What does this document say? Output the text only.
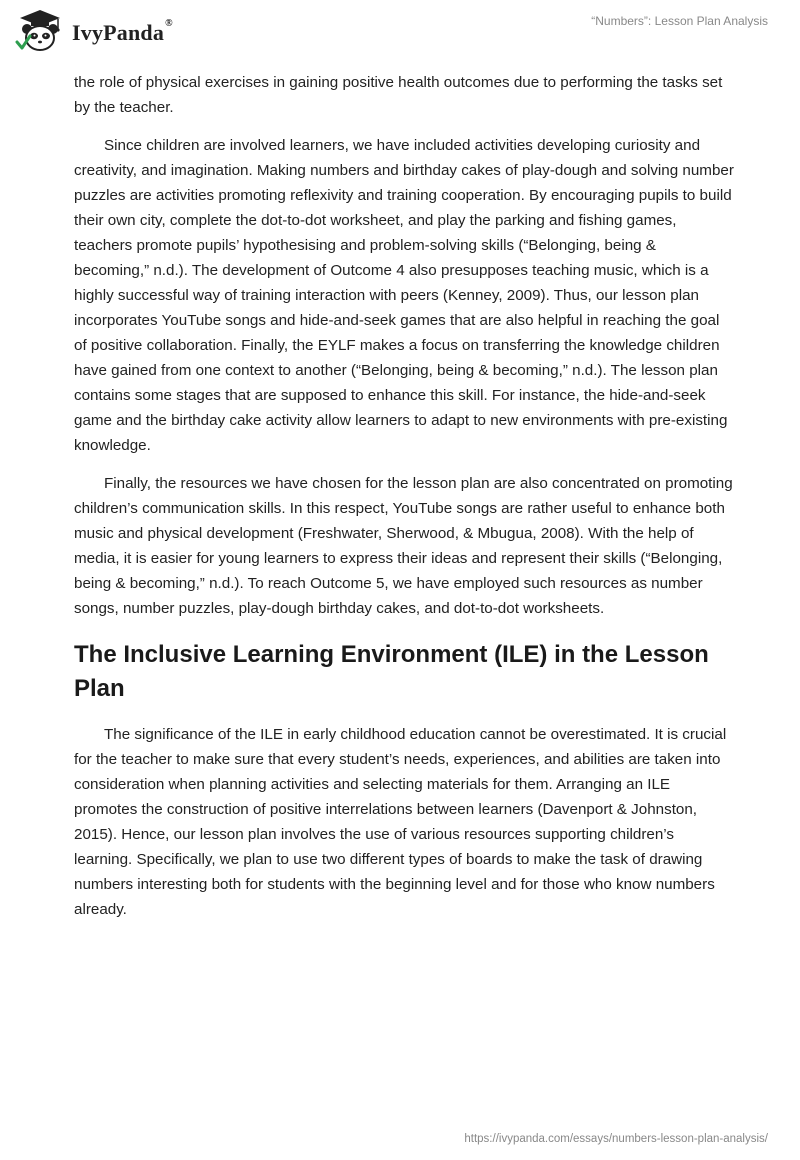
IvyPanda®	“Numbers”: Lesson Plan Analysis

the role of physical exercises in gaining positive health outcomes due to performing the tasks set by the teacher.

Since children are involved learners, we have included activities developing curiosity and creativity, and imagination. Making numbers and birthday cakes of play-dough and solving number puzzles are activities promoting reflexivity and training cooperation. By encouraging pupils to build their own city, complete the dot-to-dot worksheet, and play the parking and fishing games, teachers promote pupils’ hypothesising and problem-solving skills (“Belonging, being & becoming,” n.d.). The development of Outcome 4 also presupposes teaching music, which is a highly successful way of training interaction with peers (Kenney, 2009). Thus, our lesson plan incorporates YouTube songs and hide-and-seek games that are also helpful in reaching the goal of positive collaboration. Finally, the EYLF makes a focus on transferring the knowledge children have gained from one context to another (“Belonging, being & becoming,” n.d.). The lesson plan contains some stages that are supposed to enhance this skill. For instance, the hide-and-seek game and the birthday cake activity allow learners to adapt to new environments with pre-existing knowledge.

Finally, the resources we have chosen for the lesson plan are also concentrated on promoting children’s communication skills. In this respect, YouTube songs are rather useful to enhance both music and physical development (Freshwater, Sherwood, & Mbugua, 2008). With the help of media, it is easier for young learners to express their ideas and represent their skills (“Belonging, being & becoming,” n.d.). To reach Outcome 5, we have employed such resources as number songs, number puzzles, play-dough birthday cakes, and dot-to-dot worksheets.

The Inclusive Learning Environment (ILE) in the Lesson Plan

The significance of the ILE in early childhood education cannot be overestimated. It is crucial for the teacher to make sure that every student’s needs, experiences, and abilities are taken into consideration when planning activities and selecting materials for them. Arranging an ILE promotes the construction of positive interrelations between learners (Davenport & Johnston, 2015). Hence, our lesson plan involves the use of various resources supporting children’s learning. Specifically, we plan to use two different types of boards to make the task of drawing numbers interesting both for students with the beginning level and for those who know numbers already.

https://ivypanda.com/essays/numbers-lesson-plan-analysis/
